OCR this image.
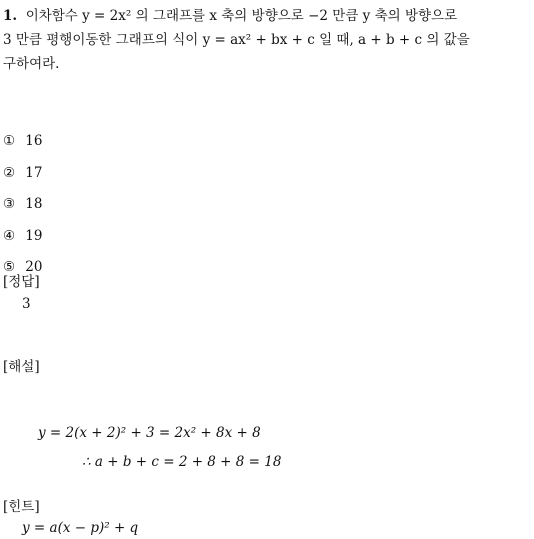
1. 이차함수 y = 2x² 의 그래프를 x 축의 방향으로 −2 만큼 y 축의 방향으로
3 만큼 평행이동한 그래프의 식이 y = ax² + bx + c 일 때, a + b + c 의 값을
구하여라.
①
16
②
17
③
18
④
19
⑤
20
[정답]
3
[해설]
y = 2(x + 2)² + 3 = 2x² + 8x + 8
∴ a + b + c = 2 + 8 + 8 = 18
[힌트]
y = a(x − p)² + q
